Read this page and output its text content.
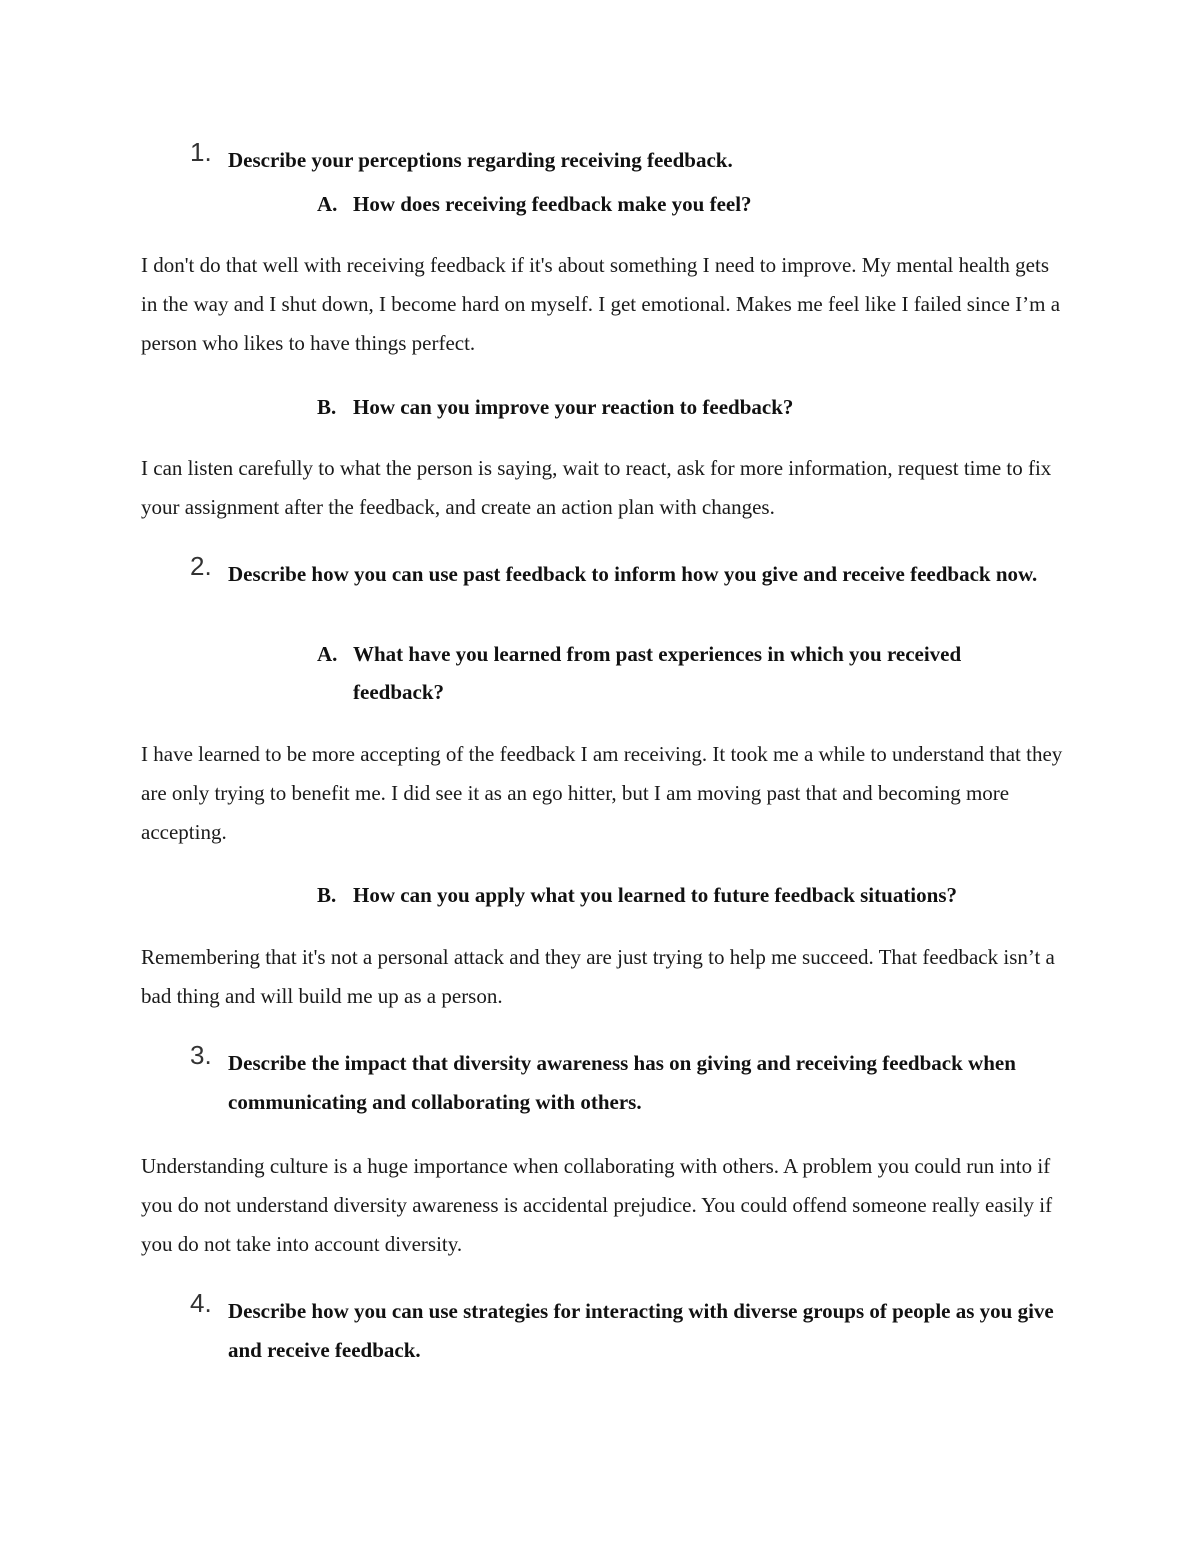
1. Describe your perceptions regarding receiving feedback.
A. How does receiving feedback make you feel?
I don't do that well with receiving feedback if it's about something I need to improve. My mental health gets in the way and I shut down, I become hard on myself. I get emotional. Makes me feel like I failed since I’m a person who likes to have things perfect.
B. How can you improve your reaction to feedback?
I can listen carefully to what the person is saying, wait to react, ask for more information, request time to fix your assignment after the feedback, and create an action plan with changes.
2. Describe how you can use past feedback to inform how you give and receive feedback now.
A. What have you learned from past experiences in which you received feedback?
I have learned to be more accepting of the feedback I am receiving. It took me a while to understand that they are only trying to benefit me. I did see it as an ego hitter, but I am moving past that and becoming more accepting.
B. How can you apply what you learned to future feedback situations?
Remembering that it's not a personal attack and they are just trying to help me succeed. That feedback isn’t a bad thing and will build me up as a person.
3. Describe the impact that diversity awareness has on giving and receiving feedback when communicating and collaborating with others.
Understanding culture is a huge importance when collaborating with others. A problem you could run into if you do not understand diversity awareness is accidental prejudice. You could offend someone really easily if you do not take into account diversity.
4. Describe how you can use strategies for interacting with diverse groups of people as you give and receive feedback.
